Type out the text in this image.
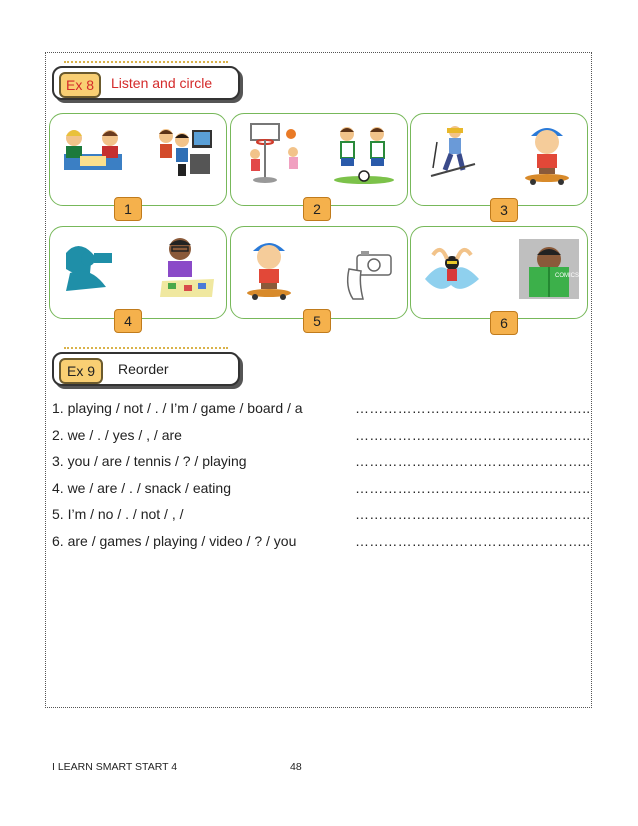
Ex 8	Listen and circle
1	2	3
4	5
COMICS
6
Ex 9	Reorder
1. playing / not / . / I’m / game / board / a	…………………………………………..
2. we / . / yes / , / are	…………………………………………..
3. you / are / tennis / ? / playing	…………………………………………..
4. we / are / . / snack / eating	…………………………………………..
5. I’m / no / . / not / , /	…………………………………………..
6. are / games / playing / video / ? / you	…………………………………………..
I LEARN SMART START 4	48
